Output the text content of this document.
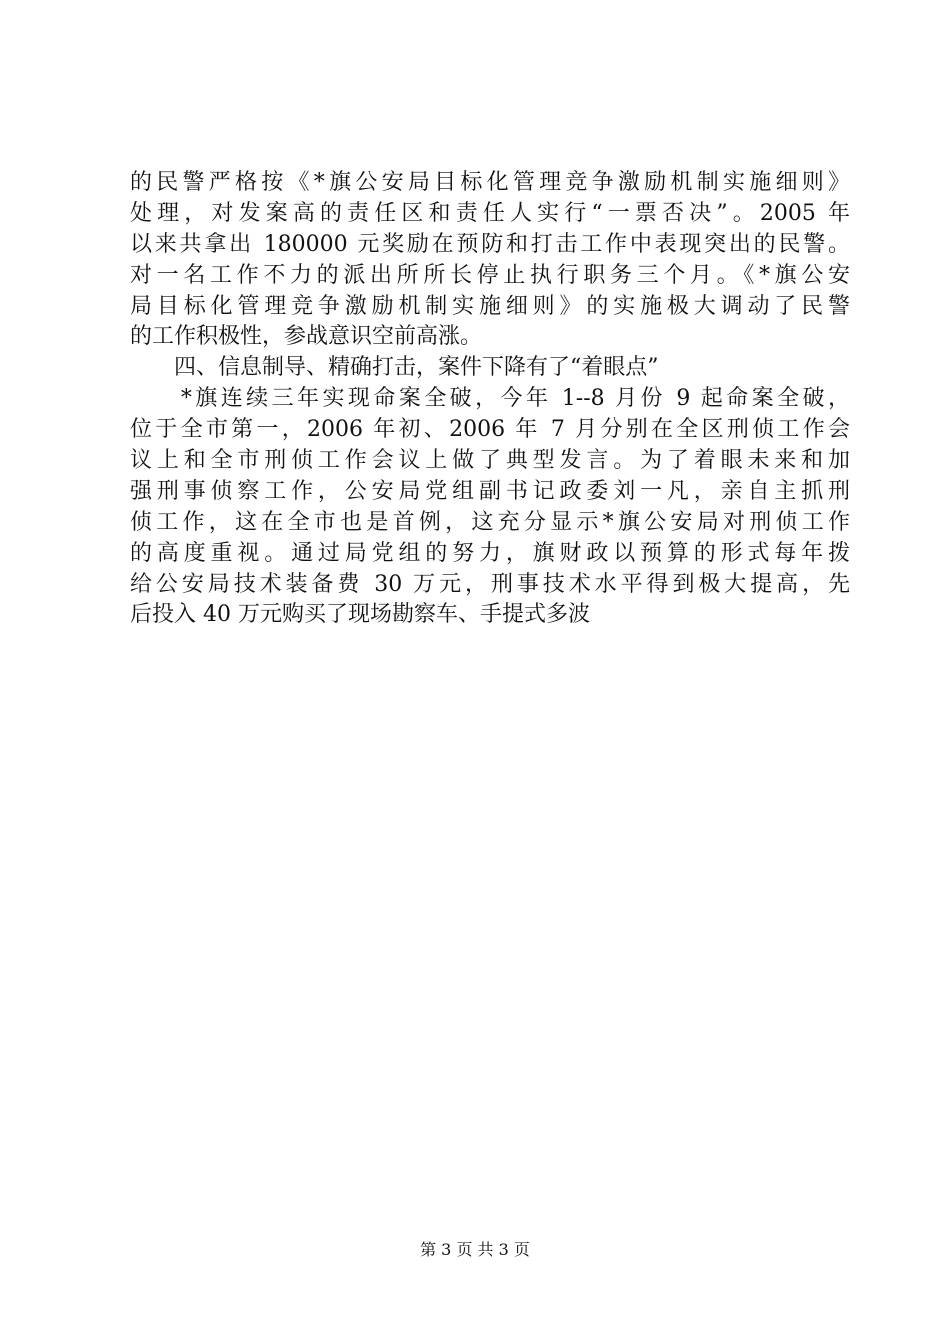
的民警严格按《*旗公安局目标化管理竞争激励机制实施细则》
处理，对发案高的责任区和责任人实行“一票否决”。2005 年
以来共拿出 180000 元奖励在预防和打击工作中表现突出的民警。
对一名工作不力的派出所所长停止执行职务三个月。《*旗公安
局目标化管理竞争激励机制实施细则》的实施极大调动了民警
的工作积极性，参战意识空前高涨。
　　四、信息制导、精确打击，案件下降有了“着眼点”
　　*旗连续三年实现命案全破，今年 1--8 月份 9 起命案全破，
位于全市第一，2006 年初、2006 年 7 月分别在全区刑侦工作会
议上和全市刑侦工作会议上做了典型发言。为了着眼未来和加
强刑事侦察工作，公安局党组副书记政委刘一凡，亲自主抓刑
侦工作，这在全市也是首例，这充分显示*旗公安局对刑侦工作
的高度重视。通过局党组的努力，旗财政以预算的形式每年拨
给公安局技术装备费 30 万元，刑事技术水平得到极大提高，先
后投入 40 万元购买了现场勘察车、手提式多波
第 3 页 共 3 页
